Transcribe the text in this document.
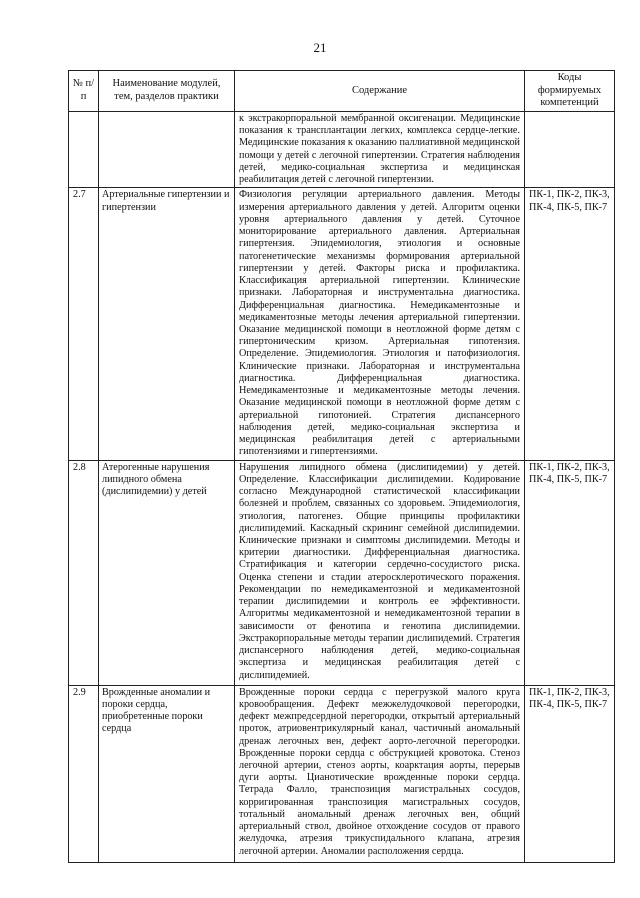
21
№ п/п	Наименование модулей, тем, разделов практики	Содержание	Коды формируемых компетенций
		к экстракорпоральной мембранной оксигенации. Медицинские показания к трансплантации легких, комплекса сердце-легкие. Медицинские показания к оказанию паллиативной медицинской помощи у детей с легочной гипертензии. Стратегия наблюдения детей, медико-социальная экспертиза и медицинская реабилитация детей с легочной гипертензии.	
2.7	Артериальные гипертензии и гипертензии	Физиология регуляции артериального давления. Методы измерения артериального давления у детей. Алгоритм оценки уровня артериального давления у детей. Суточное мониторирование артериального давления. Артериальная гипертензия. Эпидемиология, этиология и основные патогенетические механизмы формирования артериальной гипертензии у детей. Факторы риска и профилактика. Классификация артериальной гипертензии. Клинические признаки. Лабораторная и инструментальна диагностика. Дифференциальная диагностика. Немедикаментозные и медикаментозные методы лечения артериальной гипертензии. Оказание медицинской помощи в неотложной форме детям с гипертоническим кризом. Артериальная гипотензия. Определение. Эпидемиология. Этиология и патофизиология. Клинические признаки. Лабораторная и инструментальна диагностика. Дифференциальная диагностика. Немедикаментозные и медикаментозные методы лечения. Оказание медицинской помощи в неотложной форме детям с артериальной гипотонией. Стратегия диспансерного наблюдения детей, медико-социальная экспертиза и медицинская реабилитация детей с артериальными гипотензиями и гипертензиями.	ПК-1, ПК-2, ПК-3, ПК-4, ПК-5, ПК-7
2.8	Атерогенные нарушения липидного обмена (дислипидемии) у детей	Нарушения липидного обмена (дислипидемии) у детей. Определение. Классификации дислипидемии. Кодирование согласно Международной статистической классификации болезней и проблем, связанных со здоровьем. Эпидемиология, этиология, патогенез. Общие принципы профилактики дислипидемий. Каскадный скрининг семейной дислипидемии. Клинические признаки и симптомы дислипидемии. Методы и критерии диагностики. Дифференциальная диагностика. Стратификация и категории сердечно-сосудистого риска. Оценка степени и стадии атеросклеротического поражения. Рекомендации по немедикаментозной и медикаментозной терапии дислипидемии и контроль ее эффективности. Алгоритмы медикаментозной и немедикаментозной терапии в зависимости от фенотипа и генотипа дислипидемии. Экстракорпоральные методы терапии дислипидемий. Стратегия диспансерного наблюдения детей, медико-социальная экспертиза и медицинская реабилитация детей с дислипидемией.	ПК-1, ПК-2, ПК-3, ПК-4, ПК-5, ПК-7
2.9	Врожденные аномалии и пороки сердца, приобретенные пороки сердца	Врожденные пороки сердца с перегрузкой малого круга кровообращения. Дефект межжелудочковой перегородки, дефект межпредсердной перегородки, открытый артериальный проток, атриовентрикулярный канал, частичный аномальный дренаж легочных вен, дефект аорто-легочной перегородки. Врожденные пороки сердца с обструкцией кровотока. Стеноз легочной артерии, стеноз аорты, коарктация аорты, перерыв дуги аорты. Цианотические врожденные пороки сердца. Тетрада Фалло, транспозиция магистральных сосудов, корригированная транспозиция магистральных сосудов, тотальный аномальный дренаж легочных вен, общий артериальный ствол, двойное отхождение сосудов от правого желудочка, атрезия трикуспидального клапана, атрезия легочной артерии. Аномалии расположения сердца.	ПК-1, ПК-2, ПК-3, ПК-4, ПК-5, ПК-7
